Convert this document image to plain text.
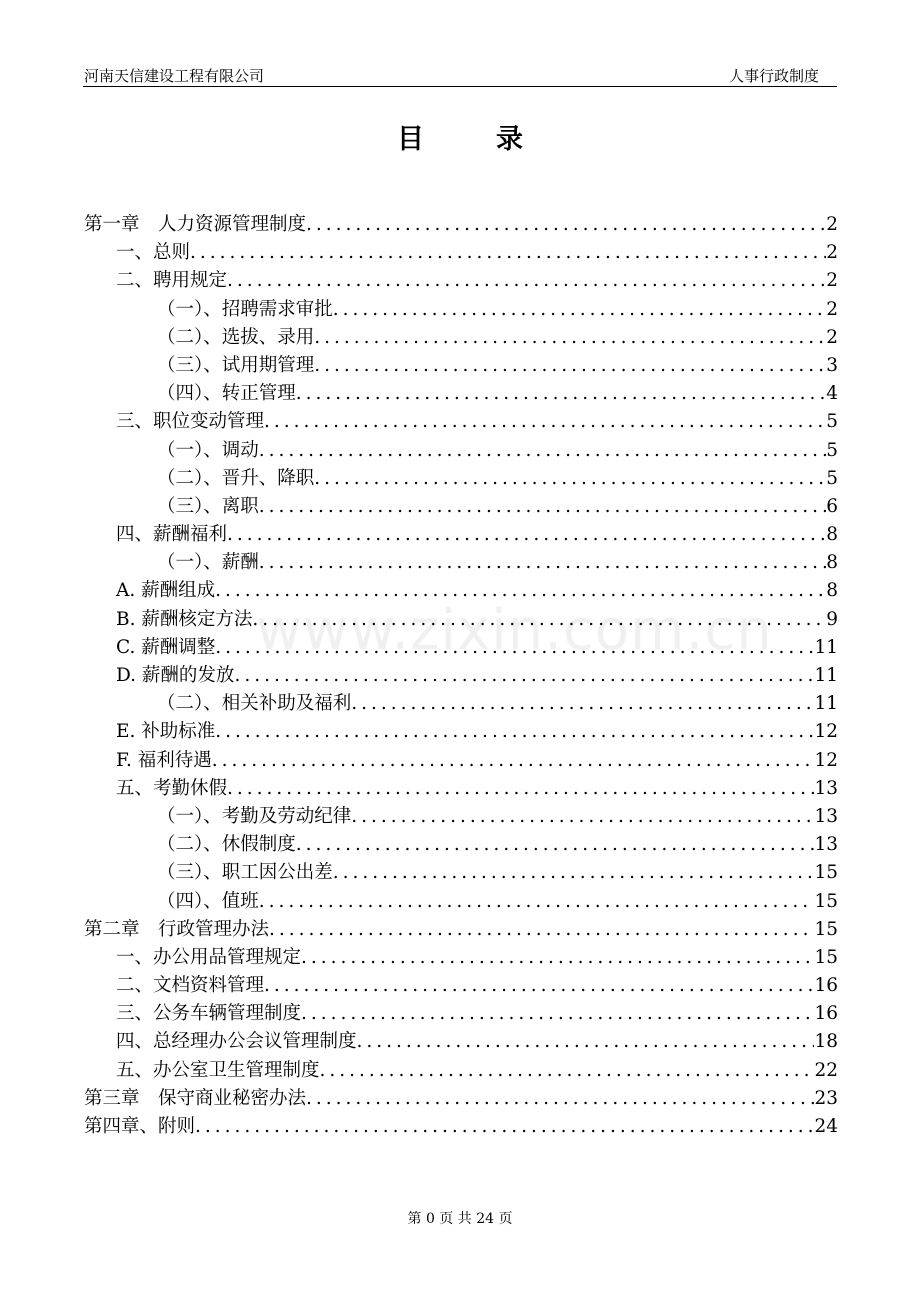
河南天信建设工程有限公司	人事行政制度
目	录
www.zixin.com.cn
第一章　人力资源管理制度 .....	2
一、总则 .....	2
二、聘用规定 .....	2
（一）、招聘需求审批 .....	2
（二）、选拔、录用 .....	2
（三）、试用期管理 .....	3
（四）、转正管理 .....	4
三、职位变动管理 .....	5
（一）、调动 .....	5
（二）、晋升、降职 .....	5
（三）、离职 .....	6
四、薪酬福利 .....	8
（一）、薪酬 .....	8
A. 薪酬组成 .....	8
B. 薪酬核定方法 .....	9
C. 薪酬调整 .....	11
D. 薪酬的发放 .....	11
（二）、相关补助及福利 .....	11
E. 补助标准 .....	12
F. 福利待遇 .....	12
五、考勤休假 .....	13
（一）、考勤及劳动纪律 .....	13
（二）、休假制度 .....	13
（三）、职工因公出差 .....	15
（四）、值班 .....	15
第二章　行政管理办法 .....	15
一、办公用品管理规定 .....	15
二、文档资料管理 .....	16
三、公务车辆管理制度 .....	16
四、总经理办公会议管理制度 .....	18
五、办公室卫生管理制度 .....	22
第三章　保守商业秘密办法 .....	23
第四章、附则 .....	24
第 0 页 共 24 页
